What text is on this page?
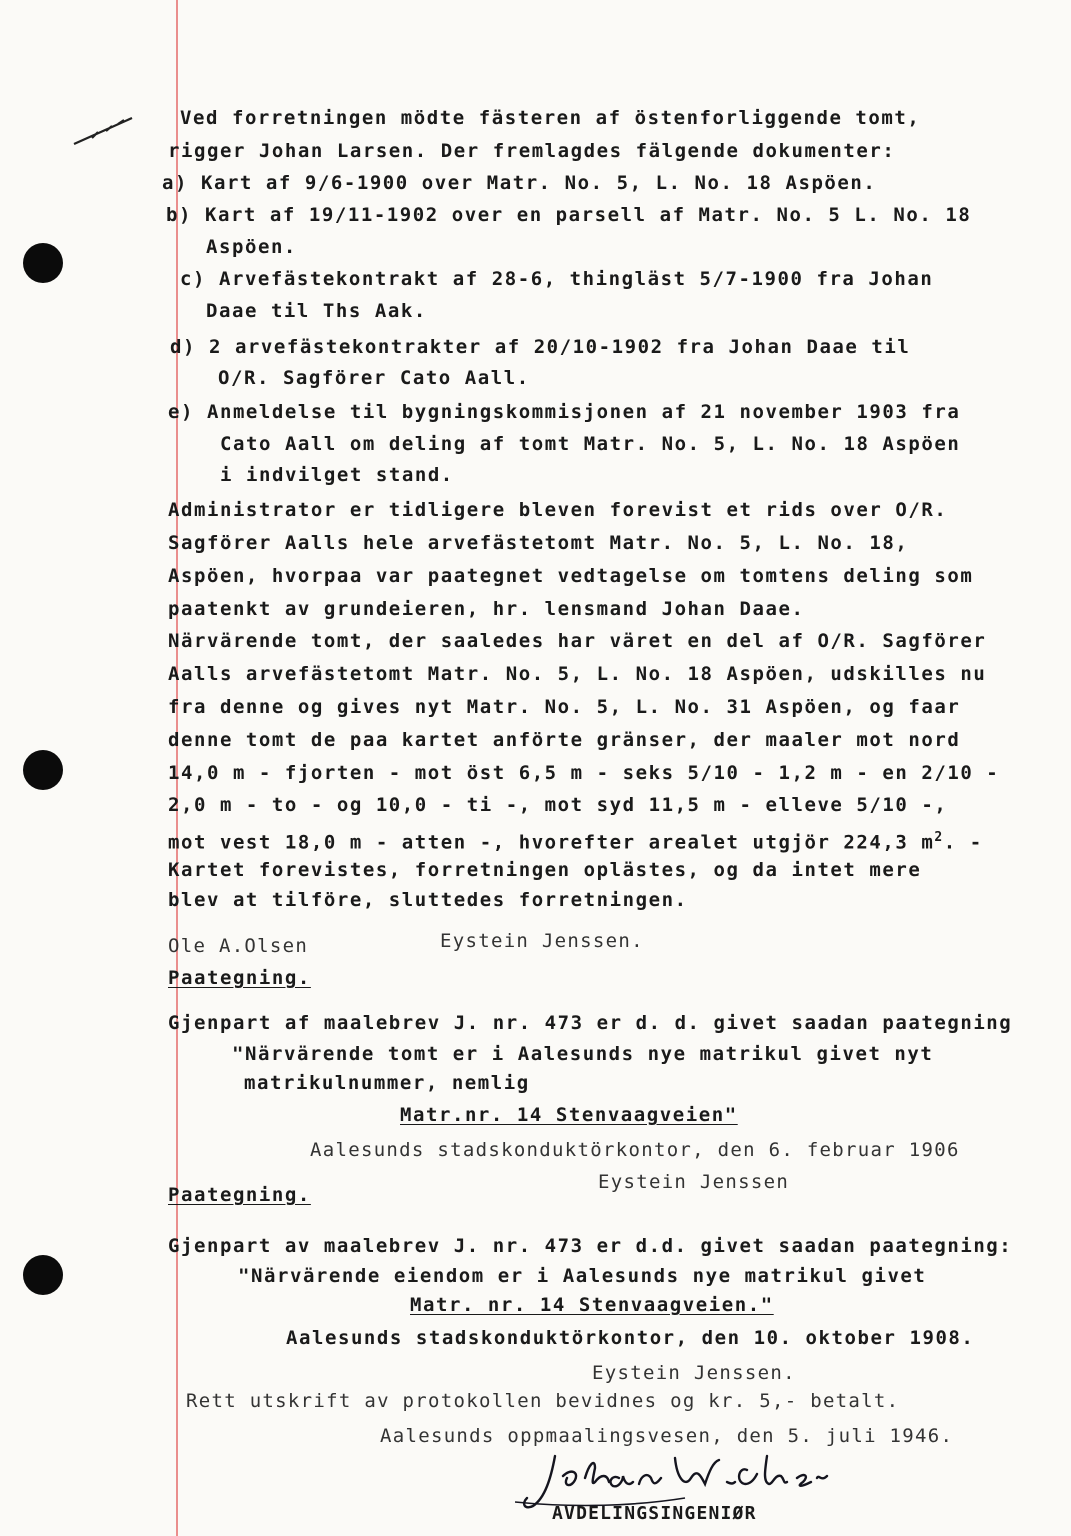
Ved forretningen mödte fästeren af östenforliggende tomt,
rigger Johan Larsen. Der fremlagdes fälgende dokumenter:
a) Kart af 9/6-1900 over Matr. No. 5, L. No. 18 Aspöen.
b) Kart af 19/11-1902 over en parsell af Matr. No. 5 L. No. 18
Aspöen.
c) Arvefästekontrakt af 28-6, thingläst 5/7-1900 fra Johan
Daae til Ths Aak.
d) 2 arvefästekontrakter af 20/10-1902 fra Johan Daae til
O/R. Sagförer Cato Aall.
e) Anmeldelse til bygningskommisjonen af 21 november 1903 fra
Cato Aall om deling af tomt Matr. No. 5, L. No. 18 Aspöen
i indvilget stand.
Administrator er tidligere bleven forevist et rids over O/R.
Sagförer Aalls hele arvefästetomt Matr. No. 5, L. No. 18,
Aspöen, hvorpaa var paategnet vedtagelse om tomtens deling som
paatenkt av grundeieren, hr. lensmand Johan Daae.
Närvärende tomt, der saaledes har väret en del af O/R. Sagförer
Aalls arvefästetomt Matr. No. 5, L. No. 18 Aspöen, udskilles nu
fra denne og gives nyt Matr. No. 5, L. No. 31 Aspöen, og faar
denne tomt de paa kartet anförte gränser, der maaler mot nord
14,0 m - fjorten - mot öst 6,5 m - seks 5/10 - 1,2 m - en 2/10 -
2,0 m - to - og 10,0 - ti -, mot syd 11,5 m - elleve 5/10 -,
mot vest 18,0 m - atten -, hvorefter arealet utgjör 224,3 $m^2$. -
Kartet forevistes, forretningen oplästes, og da intet mere
blev at tilföre, sluttedes forretningen.
Ole A.Olsen	Eystein Jenssen.
Paategning.
Gjenpart af maalebrev J. nr. 473 er d. d. givet saadan paategning
"Närvärende tomt er i Aalesunds nye matrikul givet nyt
matrikulnummer, nemlig
Matr.nr. 14 Stenvaagveien"
Aalesunds stadskonduktörkontor, den 6. februar 1906
Eystein Jenssen
Paategning.
Gjenpart av maalebrev J. nr. 473 er d.d. givet saadan paategning:
"Närvärende eiendom er i Aalesunds nye matrikul givet
Matr. nr. 14 Stenvaagveien."
Aalesunds stadskonduktörkontor, den 10. oktober 1908.
Eystein Jenssen.
Rett utskrift av protokollen bevidnes og kr. 5,- betalt.
Aalesunds oppmaalingsvesen, den 5. juli 1946.
AVDELINGSINGENIØR
